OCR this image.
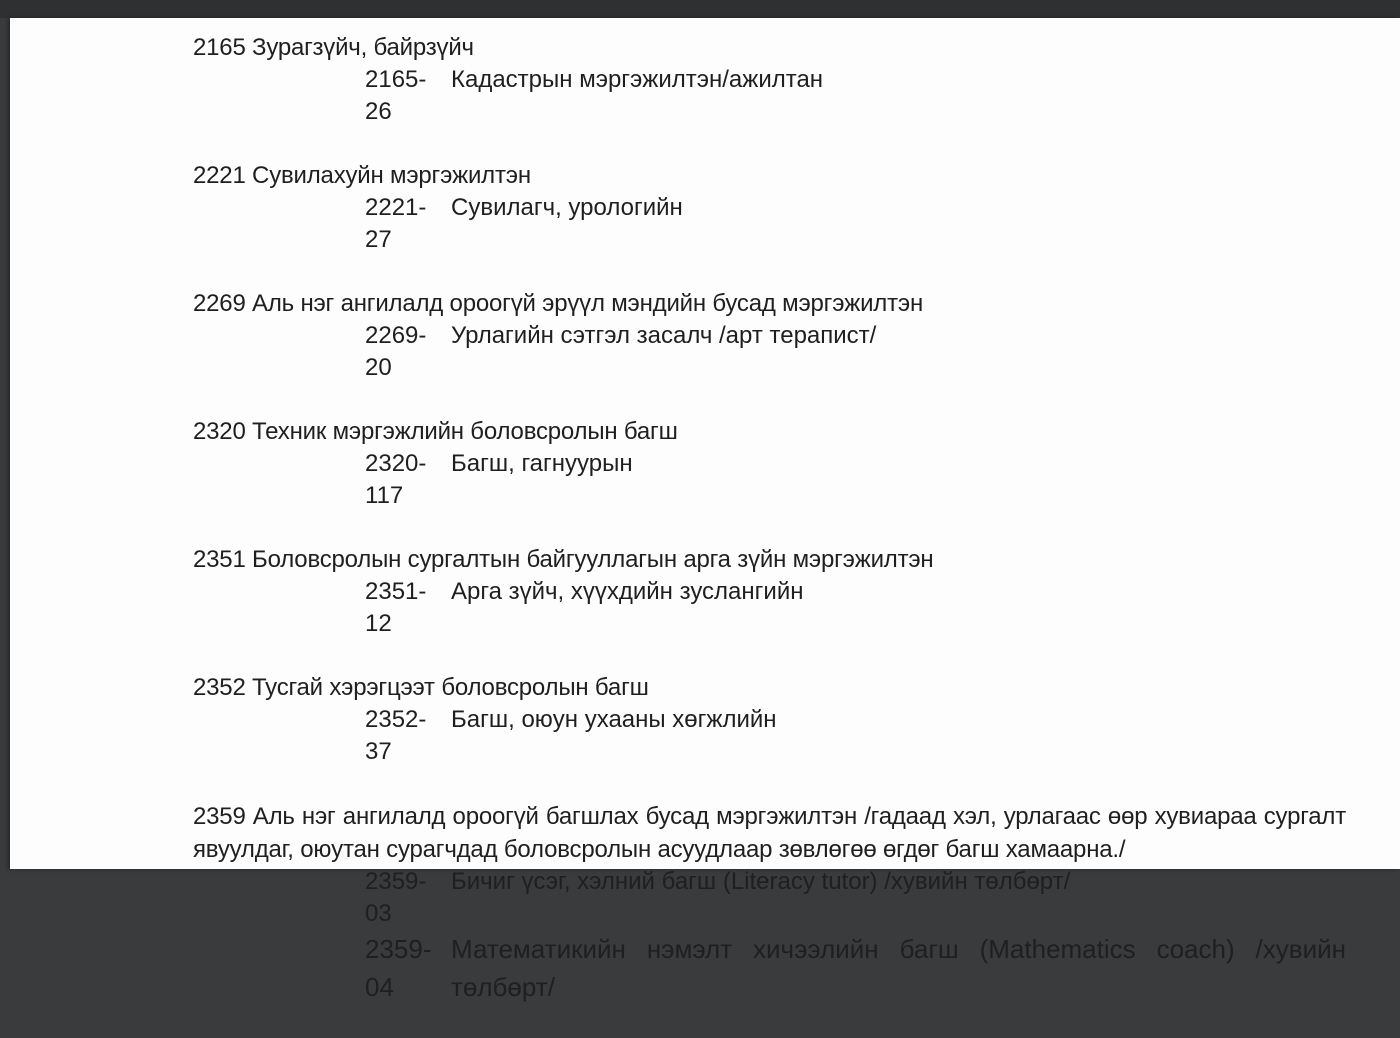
2165 Зурагзүйч, байрзүйч
2165-26
Кадастрын мэргэжилтэн/ажилтан
2221 Сувилахуйн мэргэжилтэн
2221-27
Сувилагч, урологийн
2269 Аль нэг ангилалд ороогүй эрүүл мэндийн бусад мэргэжилтэн
2269-20
Урлагийн сэтгэл засалч /арт терапист/
2320 Техник мэргэжлийн боловсролын багш
2320-117
Багш, гагнуурын
2351 Боловсролын сургалтын байгууллагын арга зүйн мэргэжилтэн
2351-12
Арга зүйч, хүүхдийн зуслангийн
2352 Тусгай хэрэгцээт боловсролын багш
2352-37
Багш, оюун ухааны хөгжлийн
2359 Аль нэг ангилалд ороогүй багшлах бусад мэргэжилтэн /гадаад хэл, урлагаас өөр хувиараа сургалт явуулдаг, оюутан сурагчдад боловсролын асуудлаар зөвлөгөө өгдөг багш хамаарна./
2359-03
Бичиг үсэг, хэлний багш (Literacy tutor) /хувийн төлбөрт/
2359-04
Математикийн нэмэлт хичээлийн багш (Mathematics coach) /хувийн төлбөрт/
